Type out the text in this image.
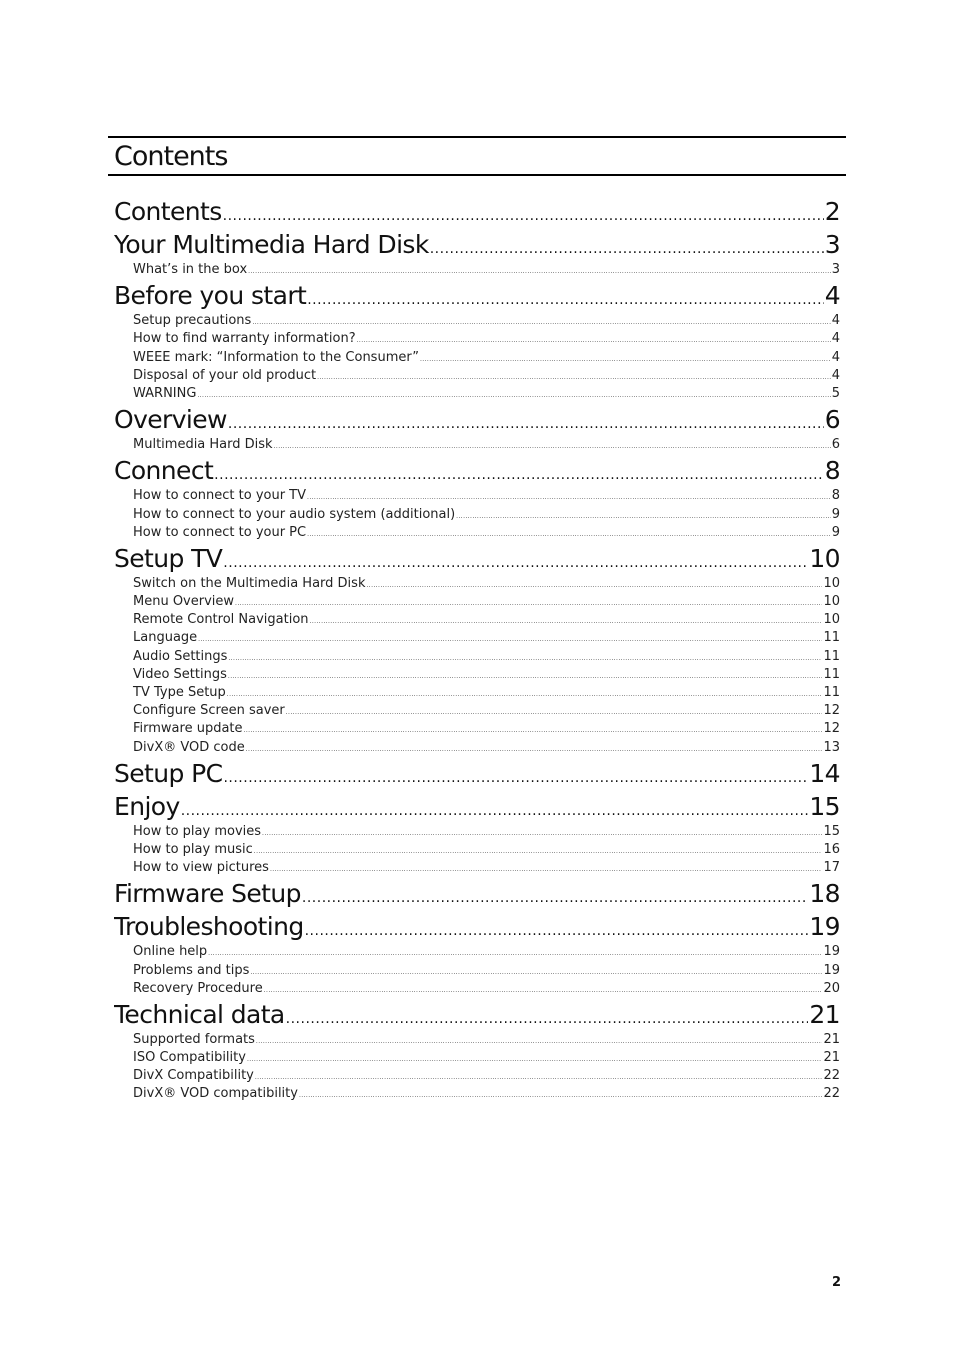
Contents
Contents .....	2
Your Multimedia Hard Disk .....	3
What’s in the box .....	3
Before you start .....	4
Setup precautions .....	4
How to find warranty information? .....	4
WEEE mark: “Information to the Consumer” .....	4
Disposal of your old product .....	4
WARNING .....	5
Overview .....	6
Multimedia Hard Disk .....	6
Connect .....	8
How to connect to your TV .....	8
How to connect to your audio system (additional) .....	9
How to connect to your PC .....	9
Setup TV .....	10
Switch on the Multimedia Hard Disk .....	10
Menu Overview .....	10
Remote Control Navigation .....	10
Language .....	11
Audio Settings .....	11
Video Settings .....	11
TV Type Setup .....	11
Configure Screen saver .....	12
Firmware update .....	12
DivX® VOD code .....	13
Setup PC .....	14
Enjoy .....	15
How to play movies .....	15
How to play music .....	16
How to view pictures .....	17
Firmware Setup .....	18
Troubleshooting .....	19
Online help .....	19
Problems and tips .....	19
Recovery Procedure .....	20
Technical data .....	21
Supported formats .....	21
ISO Compatibility .....	21
DivX Compatibility .....	22
DivX® VOD compatibility .....	22
2
